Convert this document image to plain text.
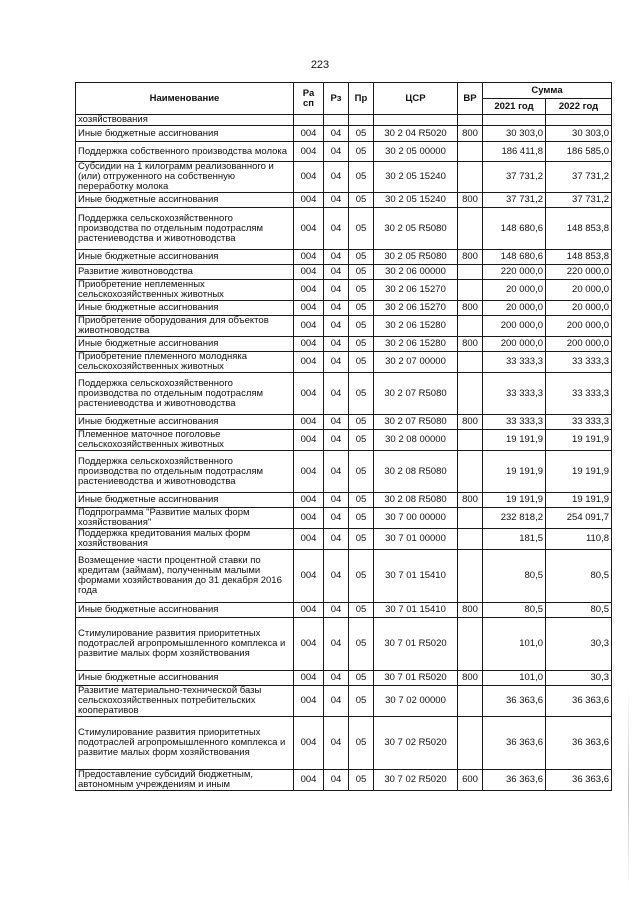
223
Наименование	Ра сп	Рз	Пр	ЦСР	ВР	Сумма	
						2021 год	2022 год
хозяйствования							
Иные бюджетные ассигнования	004	04	05	30 2 04 R5020	800	30 303,0	30 303,0
Поддержка собственного производства молока	004	04	05	30 2 05 00000		186 411,8	186 585,0
Субсидии на 1 килограмм реализованного и (или) отгруженного на собственную переработку молока	004	04	05	30 2 05 15240		37 731,2	37 731,2
Иные бюджетные ассигнования	004	04	05	30 2 05 15240	800	37 731,2	37 731,2
Поддержка сельскохозяйственного производства по отдельным подотраслям растениеводства и животноводства	004	04	05	30 2 05 R5080		148 680,6	148 853,8
Иные бюджетные ассигнования	004	04	05	30 2 05 R5080	800	148 680,6	148 853,8
Развитие животноводства	004	04	05	30 2 06 00000		220 000,0	220 000,0
Приобретение неплеменных сельскохозяйственных животных	004	04	05	30 2 06 15270		20 000,0	20 000,0
Иные бюджетные ассигнования	004	04	05	30 2 06 15270	800	20 000,0	20 000,0
Приобретение оборудования для объектов животноводства	004	04	05	30 2 06 15280		200 000,0	200 000,0
Иные бюджетные ассигнования	004	04	05	30 2 06 15280	800	200 000,0	200 000,0
Приобретение племенного молодняка сельскохозяйственных животных	004	04	05	30 2 07 00000		33 333,3	33 333,3
Поддержка сельскохозяйственного производства по отдельным подотраслям растениеводства и животноводства	004	04	05	30 2 07 R5080		33 333,3	33 333,3
Иные бюджетные ассигнования	004	04	05	30 2 07 R5080	800	33 333,3	33 333,3
Племенное маточное поголовье сельскохозяйственных животных	004	04	05	30 2 08 00000		19 191,9	19 191,9
Поддержка сельскохозяйственного производства по отдельным подотраслям растениеводства и животноводства	004	04	05	30 2 08 R5080		19 191,9	19 191,9
Иные бюджетные ассигнования	004	04	05	30 2 08 R5080	800	19 191,9	19 191,9
Подпрограмма "Развитие малых форм хозяйствования"	004	04	05	30 7 00 00000		232 818,2	254 091,7
Поддержка кредитования малых форм хозяйствования	004	04	05	30 7 01 00000		181,5	110,8
Возмещение части процентной ставки по кредитам (займам), полученным малыми формами хозяйствования до 31 декабря 2016 года	004	04	05	30 7 01 15410		80,5	80,5
Иные бюджетные ассигнования	004	04	05	30 7 01 15410	800	80,5	80,5
Стимулирование развития приоритетных подотраслей агропромышленного комплекса и развитие малых форм хозяйствования	004	04	05	30 7 01 R5020		101,0	30,3
Иные бюджетные ассигнования	004	04	05	30 7 01 R5020	800	101,0	30,3
Развитие материально-технической базы сельскохозяйственных потребительских кооперативов	004	04	05	30 7 02 00000		36 363,6	36 363,6
Стимулирование развития приоритетных подотраслей агропромышленного комплекса и развитие малых форм хозяйствования	004	04	05	30 7 02 R5020		36 363,6	36 363,6
Предоставление субсидий бюджетным, автономным учреждениям и иным	004	04	05	30 7 02 R5020	600	36 363,6	36 363,6
